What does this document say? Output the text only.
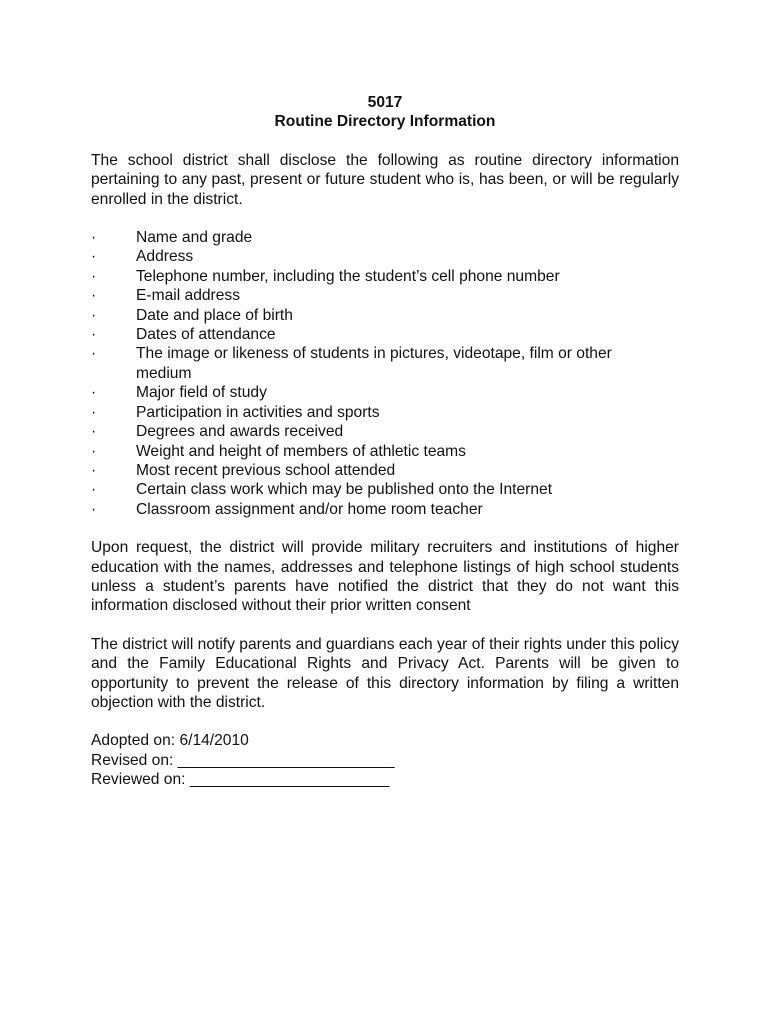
5017
Routine Directory Information

The school district shall disclose the following as routine directory information pertaining to any past, present or future student who is, has been, or will be regularly enrolled in the district.

·	Name and grade
·	Address
·	Telephone number, including the student’s cell phone number
·	E-mail address
·	Date and place of birth
·	Dates of attendance
·	The image or likeness of students in pictures, videotape, film or other medium
·	Major field of study
·	Participation in activities and sports
·	Degrees and awards received
·	Weight and height of members of athletic teams
·	Most recent previous school attended
·	Certain class work which may be published onto the Internet
·	Classroom assignment and/or home room teacher

Upon request, the district will provide military recruiters and institutions of higher education with the names, addresses and telephone listings of high school students unless a student’s parents have notified the district that they do not want this information disclosed without their prior written consent

The district will notify parents and guardians each year of their rights under this policy and the Family Educational Rights and Privacy Act. Parents will be given to opportunity to prevent the release of this directory information by filing a written objection with the district.

Adopted on: 6/14/2010

Revised on: _________________________

Reviewed on: _______________________
